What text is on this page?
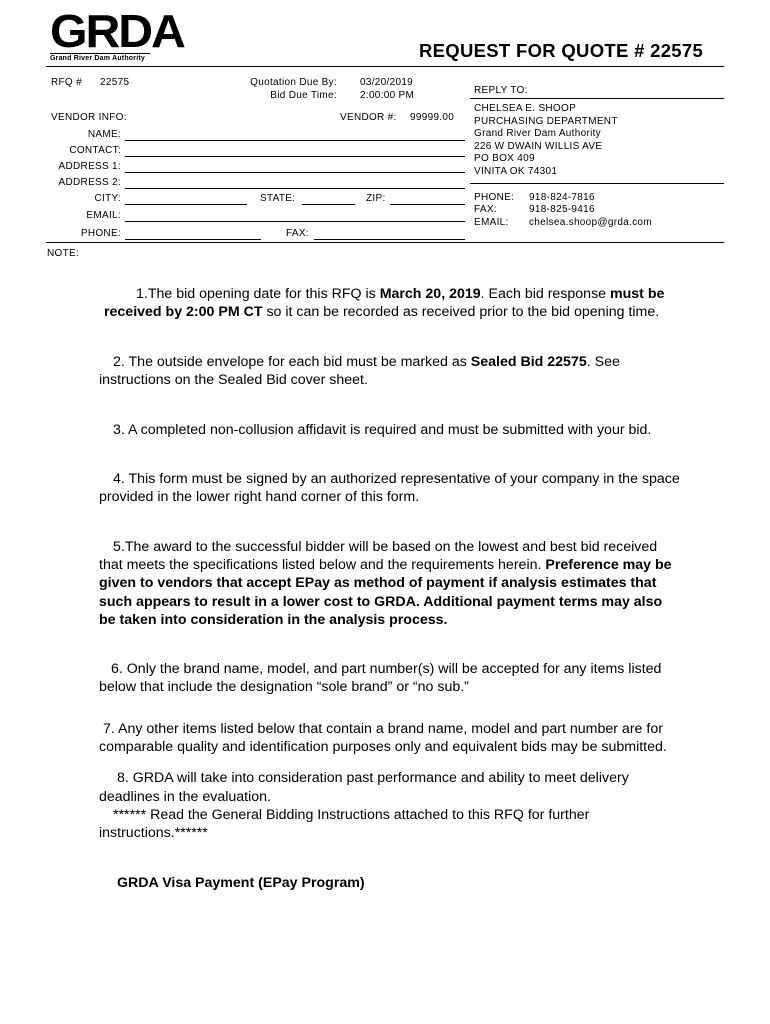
GRDA
Grand River Dam Authority	REQUEST FOR QUOTE # 22575
RFQ # 22575	Quotation Due By: 03/20/2019
Bid Due Time: 2:00:00 PM	REPLY TO:
CHELSEA E. SHOOP
PURCHASING DEPARTMENT
Grand River Dam Authority
226 W DWAIN WILLIS AVE
PO BOX 409
VINITA OK 74301
PHONE: 918-824-7816
FAX:	918-825-9416
EMAIL: chelsea.shoop@grda.com
VENDOR INFO:	VENDOR #: 99999.00
NAME:
CONTACT:
ADDRESS 1:
ADDRESS 2:
CITY:	STATE:	ZIP:
EMAIL:
PHONE:	FAX:
NOTE:
1.The bid opening date for this RFQ is March 20, 2019. Each bid response must be
received by 2:00 PM CT so it can be recorded as received prior to the bid opening time.
2. The outside envelope for each bid must be marked as Sealed Bid 22575. See
instructions on the Sealed Bid cover sheet.
3. A completed non-collusion affidavit is required and must be submitted with your bid.
4. This form must be signed by an authorized representative of your company in the space
provided in the lower right hand corner of this form.
5.The award to the successful bidder will be based on the lowest and best bid received
that meets the specifications listed below and the requirements herein. Preference may be
given to vendors that accept EPay as method of payment if analysis estimates that
such appears to result in a lower cost to GRDA. Additional payment terms may also
be taken into consideration in the analysis process.
6. Only the brand name, model, and part number(s) will be accepted for any items listed
below that include the designation “sole brand” or “no sub.”
7. Any other items listed below that contain a brand name, model and part number are for
comparable quality and identification purposes only and equivalent bids may be submitted.
8. GRDA will take into consideration past performance and ability to meet delivery
deadlines in the evaluation.
****** Read the General Bidding Instructions attached to this RFQ for further
instructions.******
GRDA Visa Payment (EPay Program)
